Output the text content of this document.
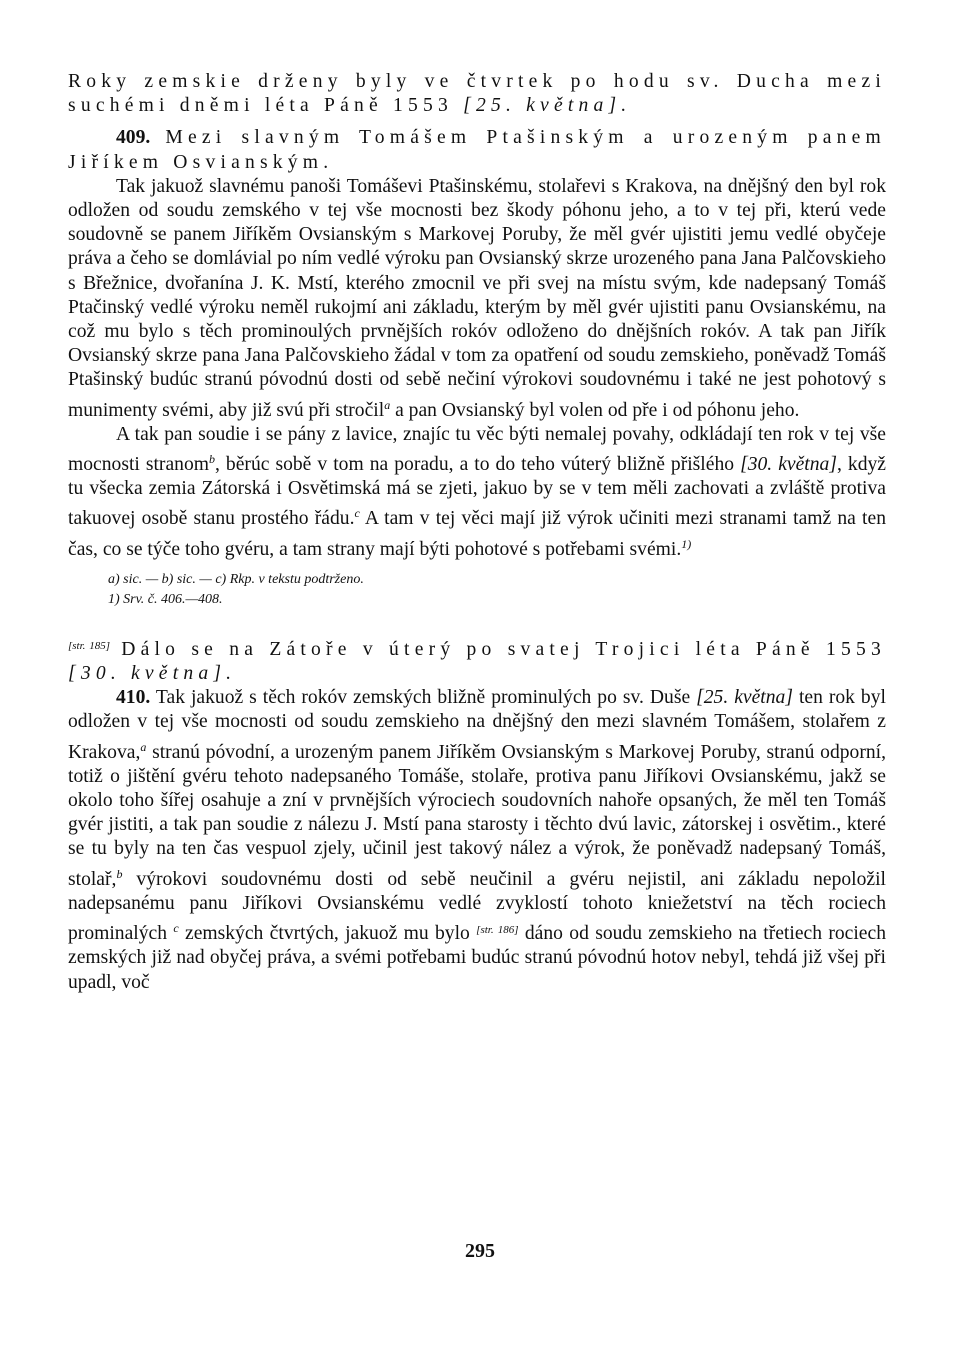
Roky zemskie drženy byly ve čtvrtek po hodu sv. Ducha mezi suchémi dněmi léta Páně 1553 [25. května].

409. Mezi slavným Tomášem Ptašinským a urozeným panem Jiříkem Osvianským.

Tak jakuož slavnému panoši Tomáševi Ptašinskému, stolařevi s Krakova, na dnějšný den byl rok odložen od soudu zemského v tej vše mocnosti bez škody póhonu jeho, a to v tej při, kterú vede soudovně se panem Jiříkěm Ovsianským s Markovej Poruby, že měl gvér ujistiti jemu vedlé obyčeje práva a čeho se domlávial po ním vedlé výroku pan Ovsianský skrze urozeného pana Jana Palčovskieho s Břežnice, dvořanína J. K. Mstí, kterého zmocnil ve při svej na místu svým, kde nadepsaný Tomáš Ptačinský vedlé výroku neměl rukojmí ani základu, kterým by měl gvér ujistiti panu Ovsianskému, na což mu bylo s těch prominoulých prvnějších rokóv odloženo do dnějšních rokóv. A tak pan Jiřík Ovsianský skrze pana Jana Palčovskieho žádal v tom za opatření od soudu zemskieho, poněvadž Tomáš Ptašinský budúc stranú póvodnú dosti od sebě nečiní výrokovi soudovnému i také ne jest pohotový s munimenty svémi, aby již svú při stročil$^a$ a pan Ovsianský byl volen od pře i od póhonu jeho.

A tak pan soudie i se pány z lavice, znajíc tu věc býti nemalej povahy, odkládají ten rok v tej vše mocnosti stranom$^b$, běrúc sobě v tom na poradu, a to do teho vúterý bližně přišlého [30. května], když tu všecka zemia Zátorská i Osvětimská má se zjeti, jakuo by se v tem měli zachovati a zvláště protiva takuovej osobě stanu prostého řádu.$^c$ A tam v tej věci mají již výrok učiniti mezi stranami tamž na ten čas, co se týče toho gvéru, a tam strany mají býti pohotové s potřebami svémi.$^{1)}$

a) sic. — b) sic. — c) Rkp. v tekstu podtrženo.

1) Srv. č. 406.—408.

[str. 185] Dálo se na Zátoře v úterý po svatej Trojici léta Páně 1553 [30. května].

410. Tak jakuož s těch rokóv zemských bližně prominulých po sv. Duše [25. května] ten rok byl odložen v tej vše mocnosti od soudu zemskieho na dnějšný den mezi slavném Tomášem, stolařem z Krakova,$^a$ stranú póvodní, a urozeným panem Jiříkěm Ovsianským s Markovej Poruby, stranú odporní, totiž o jištění gvéru tehoto nadepsaného Tomáše, stolaře, protiva panu Jiříkovi Ovsianskému, jakž se okolo toho šířej osahuje a zní v prvnějších výrociech soudovních nahoře opsaných, že měl ten Tomáš gvér jistiti, a tak pan soudie z nálezu J. Mstí pana starosty i těchto dvú lavic, zátorskej i osvětim., které se tu byly na ten čas vespuol zjely, učinil jest takový nález a výrok, že poněvadž nadepsaný Tomáš, stolař,$^b$ výrokovi soudovnému dosti od sebě neučinil a gvéru nejistil, ani základu nepoložil nadepsanému panu Jiříkovi Ovsianskému vedlé zvyklostí tohoto kniežetství na těch rociech prominalých $^c$ zemských čtvrtých, jakuož mu bylo [str. 186] dáno od soudu zemskieho na třetiech rociech zemských již nad obyčej práva, a svémi potřebami budúc stranú póvodnú hotov nebyl, tehdá již všej při upadl, voč

295
